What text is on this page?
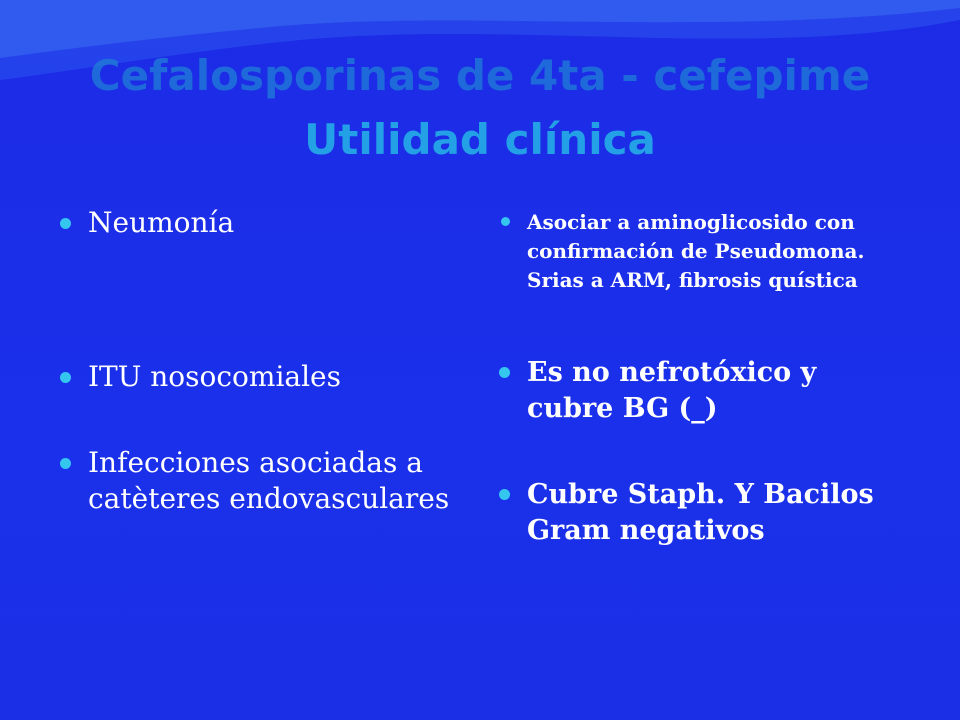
Cefalosporinas de 4ta - cefepime
Utilidad clínica
Neumonía
ITU nosocomiales
Infecciones asociadas a catèteres endovasculares
Asociar a aminoglicosido con confirmación de Pseudomona. Srias a ARM, fibrosis quística
Es no nefrotóxico y cubre BG (_)
Cubre Staph. Y Bacilos Gram negativos
